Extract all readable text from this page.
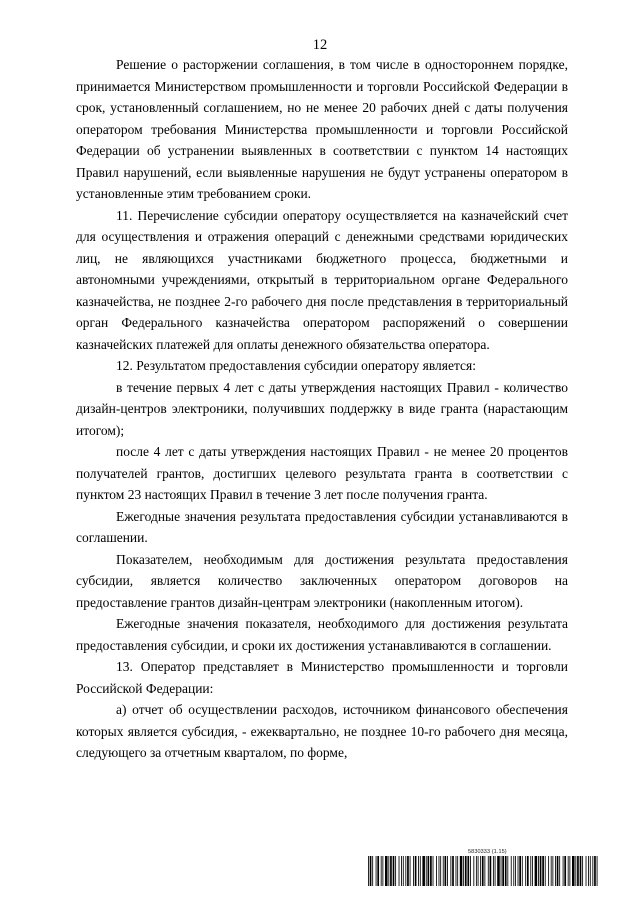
12

Решение о расторжении соглашения, в том числе в одностороннем порядке, принимается Министерством промышленности и торговли Российской Федерации в срок, установленный соглашением, но не менее 20 рабочих дней с даты получения оператором требования Министерства промышленности и торговли Российской Федерации об устранении выявленных в соответствии с пунктом 14 настоящих Правил нарушений, если выявленные нарушения не будут устранены оператором в установленные этим требованием сроки.

11. Перечисление субсидии оператору осуществляется на казначейский счет для осуществления и отражения операций с денежными средствами юридических лиц, не являющихся участниками бюджетного процесса, бюджетными и автономными учреждениями, открытый в территориальном органе Федерального казначейства, не позднее 2-го рабочего дня после представления в территориальный орган Федерального казначейства оператором распоряжений о совершении казначейских платежей для оплаты денежного обязательства оператора.

12. Результатом предоставления субсидии оператору является:

в течение первых 4 лет с даты утверждения настоящих Правил - количество дизайн-центров электроники, получивших поддержку в виде гранта (нарастающим итогом);

после 4 лет с даты утверждения настоящих Правил - не менее 20 процентов получателей грантов, достигших целевого результата гранта в соответствии с пунктом 23 настоящих Правил в течение 3 лет после получения гранта.

Ежегодные значения результата предоставления субсидии устанавливаются в соглашении.

Показателем, необходимым для достижения результата предоставления субсидии, является количество заключенных оператором договоров на предоставление грантов дизайн-центрам электроники (накопленным итогом).

Ежегодные значения показателя, необходимого для достижения результата предоставления субсидии, и сроки их достижения устанавливаются в соглашении.

13. Оператор представляет в Министерство промышленности и торговли Российской Федерации:

а) отчет об осуществлении расходов, источником финансового обеспечения которых является субсидия, - ежеквартально, не позднее 10-го рабочего дня месяца, следующего за отчетным кварталом, по форме,

5830333 (1.15)
